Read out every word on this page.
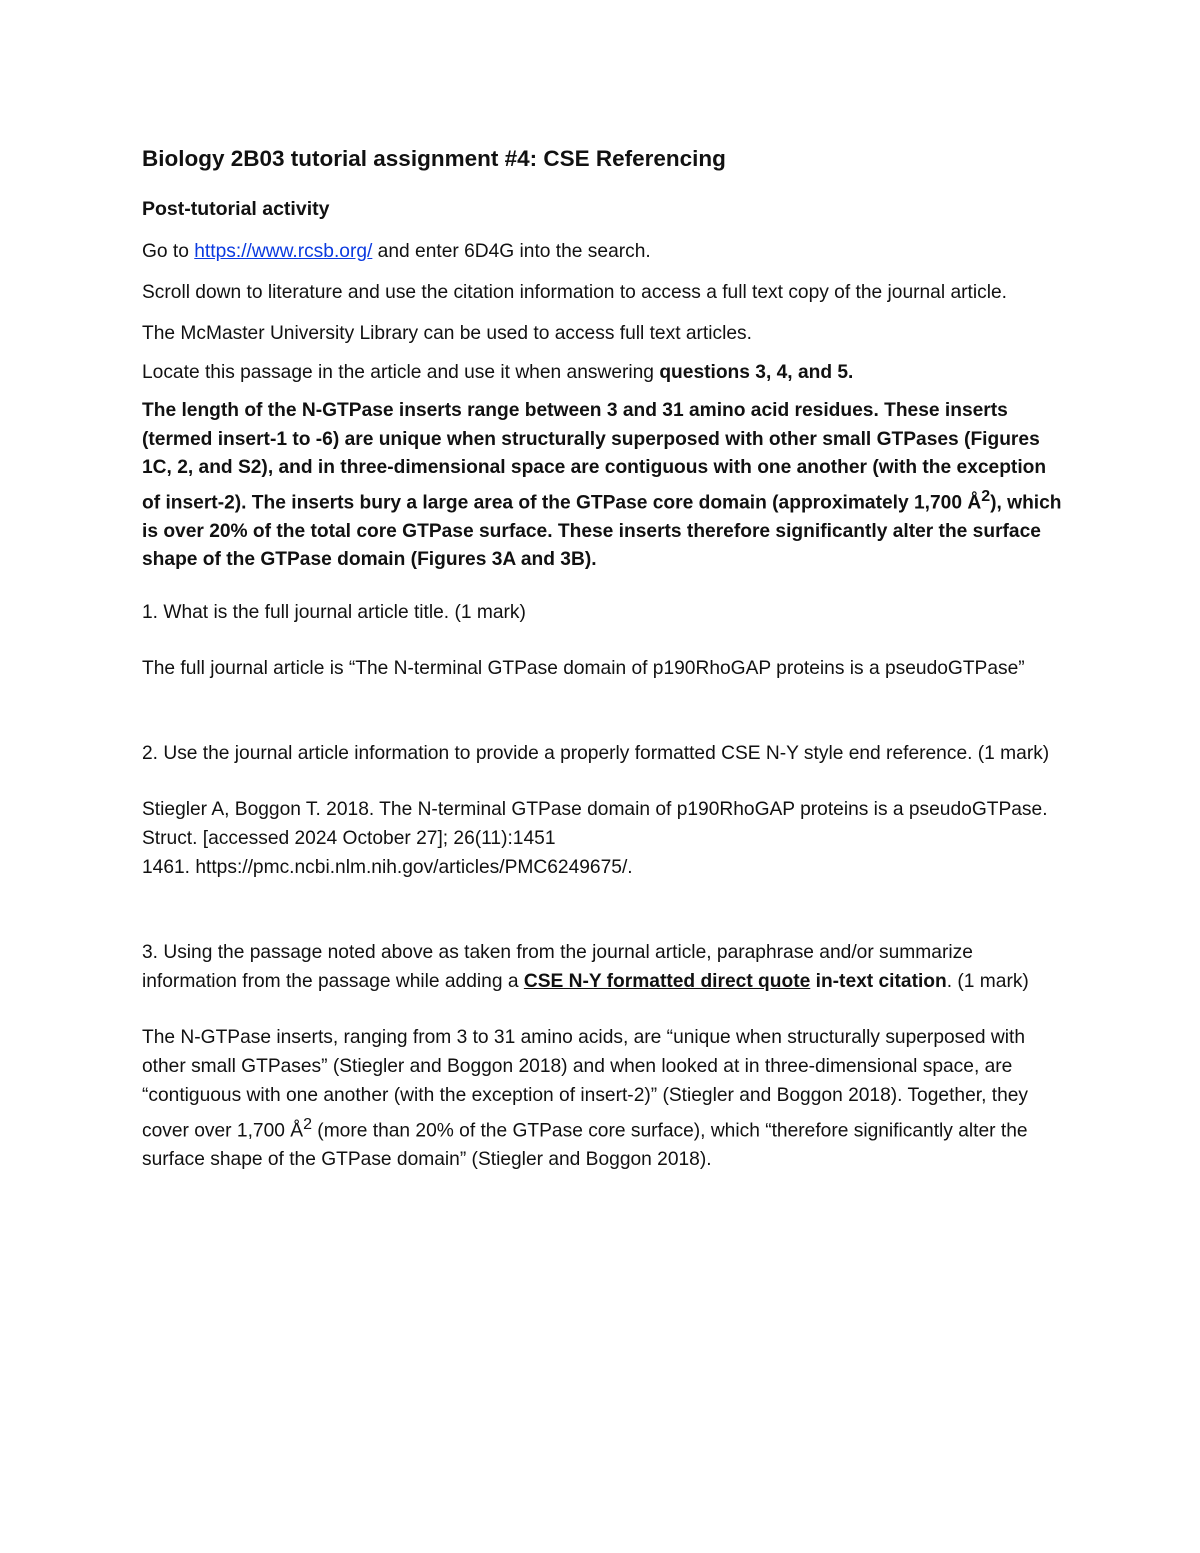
Biology 2B03 tutorial assignment #4: CSE Referencing
Post-tutorial activity

Go to https://www.rcsb.org/ and enter 6D4G into the search.

Scroll down to literature and use the citation information to access a full text copy of the journal article.

The McMaster University Library can be used to access full text articles.

Locate this passage in the article and use it when answering questions 3, 4, and 5.

The length of the N-GTPase inserts range between 3 and 31 amino acid residues. These inserts (termed insert-1 to -6) are unique when structurally superposed with other small GTPases (Figures 1C, 2, and S2), and in three-dimensional space are contiguous with one another (with the exception of insert-2). The inserts bury a large area of the GTPase core domain (approximately 1,700 $Å^2$), which is over 20% of the total core GTPase surface. These inserts therefore significantly alter the surface shape of the GTPase domain (Figures 3A and 3B).

1. What is the full journal article title. (1 mark)

The full journal article is “The N-terminal GTPase domain of p190RhoGAP proteins is a pseudoGTPase”

2. Use the journal article information to provide a properly formatted CSE N-Y style end reference. (1 mark)

Stiegler A, Boggon T. 2018. The N-terminal GTPase domain of p190RhoGAP proteins is a pseudoGTPase. Struct. [accessed 2024 October 27]; 26(11):1451
1461. https://pmc.ncbi.nlm.nih.gov/articles/PMC6249675/.

3. Using the passage noted above as taken from the journal article, paraphrase and/or summarize information from the passage while adding a CSE N-Y formatted direct quote in-text citation. (1 mark)

The N-GTPase inserts, ranging from 3 to 31 amino acids, are “unique when structurally superposed with other small GTPases” (Stiegler and Boggon 2018) and when looked at in three-dimensional space, are “contiguous with one another (with the exception of insert-2)” (Stiegler and Boggon 2018). Together, they cover over 1,700 $Å^2$ (more than 20% of the GTPase core surface), which “therefore significantly alter the surface shape of the GTPase domain” (Stiegler and Boggon 2018).
